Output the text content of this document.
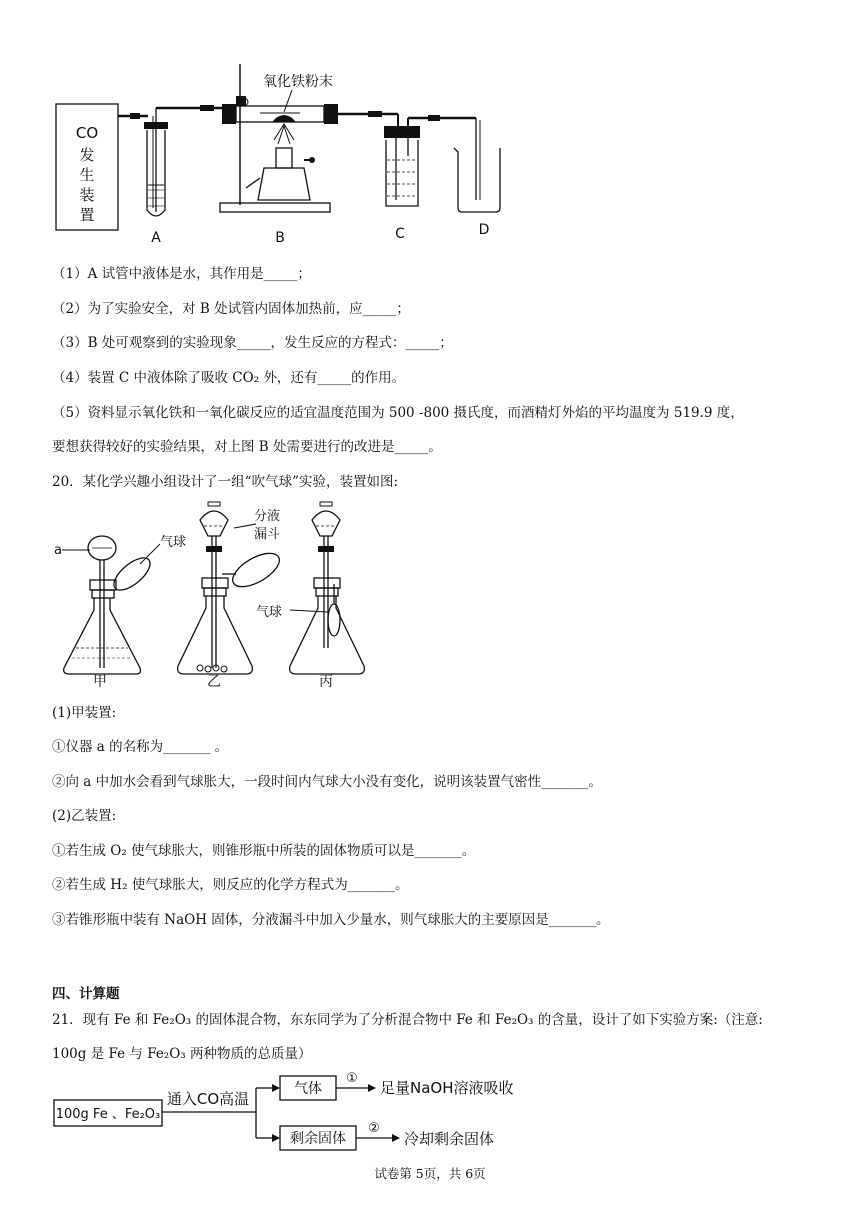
CO
发
生
装
置
氧化铁粉末
A	B	C	D
（1）A 试管中液体是水，其作用是_____；
（2）为了实验安全，对 B 处试管内固体加热前，应_____；
（3）B 处可观察到的实验现象_____，发生反应的方程式：_____；
（4）装置 C 中液体除了吸收 CO₂ 外，还有_____的作用。
（5）资料显示氧化铁和一氧化碳反应的适宜温度范围为 500 -800 摄氏度，而酒精灯外焰的平均温度为 519.9 度，
要想获得较好的实验结果，对上图 B 处需要进行的改进是_____。
20．某化学兴趣小组设计了一组“吹气球”实验，装置如图:
a
气球
甲
分液
漏斗
乙
气球
丙
(1)甲装置:
①仪器 a 的名称为_______ 。
②向 a 中加水会看到气球胀大，一段时间内气球大小没有变化，说明该装置气密性_______。
(2)乙装置:
①若生成 O₂ 使气球胀大，则锥形瓶中所装的固体物质可以是_______。
②若生成 H₂ 使气球胀大，则反应的化学方程式为_______。
③若锥形瓶中装有 NaOH 固体，分液漏斗中加入少量水，则气球胀大的主要原因是_______。
四、计算题
21．现有 Fe 和 Fe₂O₃ 的固体混合物，东东同学为了分析混合物中 Fe 和 Fe₂O₃ 的含量，设计了如下实验方案:（注意:
100g 是 Fe 与 Fe₂O₃ 两种物质的总质量）
100g Fe 、Fe₂O₃
通入CO高温
气体
①
足量NaOH溶液吸收
剩余固体
②
冷却剩余固体
试卷第 5页，共 6页
